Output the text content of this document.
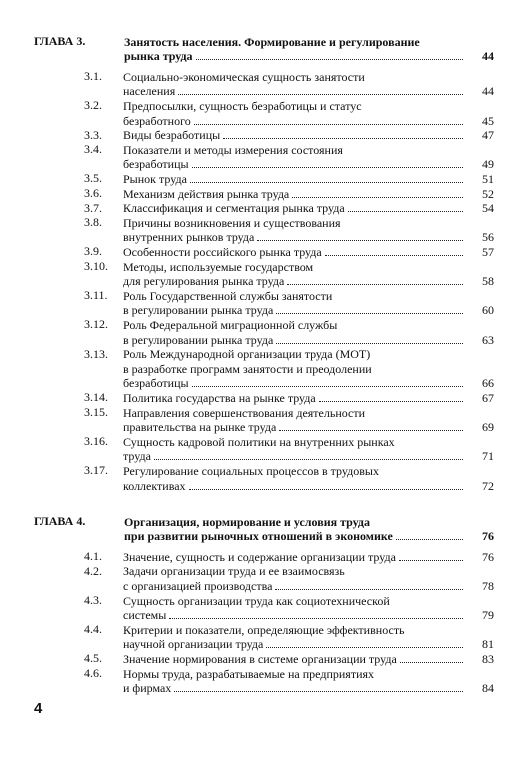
ГЛАВА 3.	Занятость населения. Формирование и регулирование
рынка труда	44
3.1. Социально-экономическая сущность занятости
населения	44
3.2. Предпосылки, сущность безработицы и статус
безработного	45
3.3. Виды безработицы	47
3.4. Показатели и методы измерения состояния
безработицы	49
3.5. Рынок труда	51
3.6. Механизм действия рынка труда	52
3.7. Классификация и сегментация рынка труда	54
3.8. Причины возникновения и существования
внутренних рынков труда	56
3.9. Особенности российского рынка труда	57
3.10. Методы, используемые государством
для регулирования рынка труда	58
3.11. Роль Государственной службы занятости
в регулировании рынка труда	60
3.12. Роль Федеральной миграционной службы
в регулировании рынка труда	63
3.13. Роль Международной организации труда (МОТ)
в разработке программ занятости и преодолении
безработицы	66
3.14. Политика государства на рынке труда	67
3.15. Направления совершенствования деятельности
правительства на рынке труда	69
3.16. Сущность кадровой политики на внутренних рынках
труда	71
3.17. Регулирование социальных процессов в трудовых
коллективах	72
ГЛАВА 4.	Организация, нормирование и условия труда
при развитии рыночных отношений в экономике	76
4.1. Значение, сущность и содержание организации труда	76
4.2. Задачи организации труда и ее взаимосвязь
с организацией производства	78
4.3. Сущность организации труда как социотехнической
системы	79
4.4. Критерии и показатели, определяющие эффективность
научной организации труда	81
4.5. Значение нормирования в системе организации труда	83
4.6. Нормы труда, разрабатываемые на предприятиях
и фирмах	84
4
